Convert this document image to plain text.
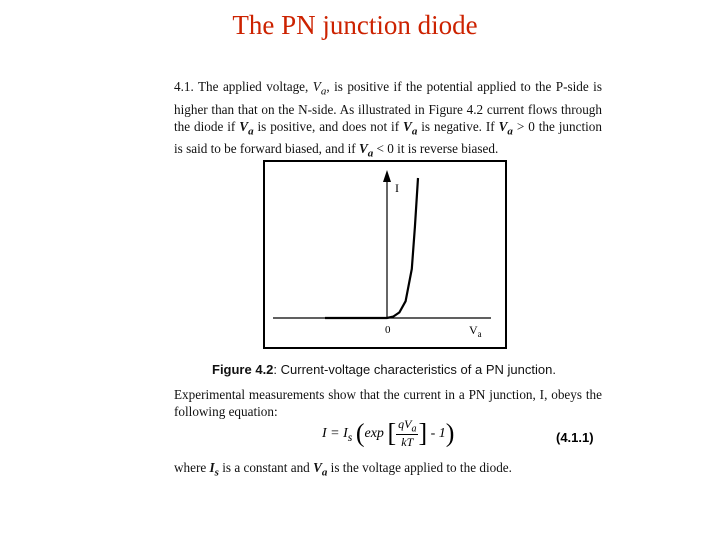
The PN junction diode
4.1. The applied voltage, $V_a$, is positive if the potential applied to the P-side is higher than that on the N-side. As illustrated in Figure 4.2 current flows through the diode if $V_a$ is positive, and does not if $V_a$ is negative. If $V_a > 0$ the junction is said to be forward biased, and if $V_a < 0$ it is reverse biased.
I
0	$V_a$
Figure 4.2: Current-voltage characteristics of a PN junction.
Experimental measurements show that the current in a PN junction, I, obeys the following equation:
$I = I_s$ (exp [ $\frac{qV_a}{kT}$ ] - 1)	(4.1.1)
where $I_s$ is a constant and $V_a$ is the voltage applied to the diode.
